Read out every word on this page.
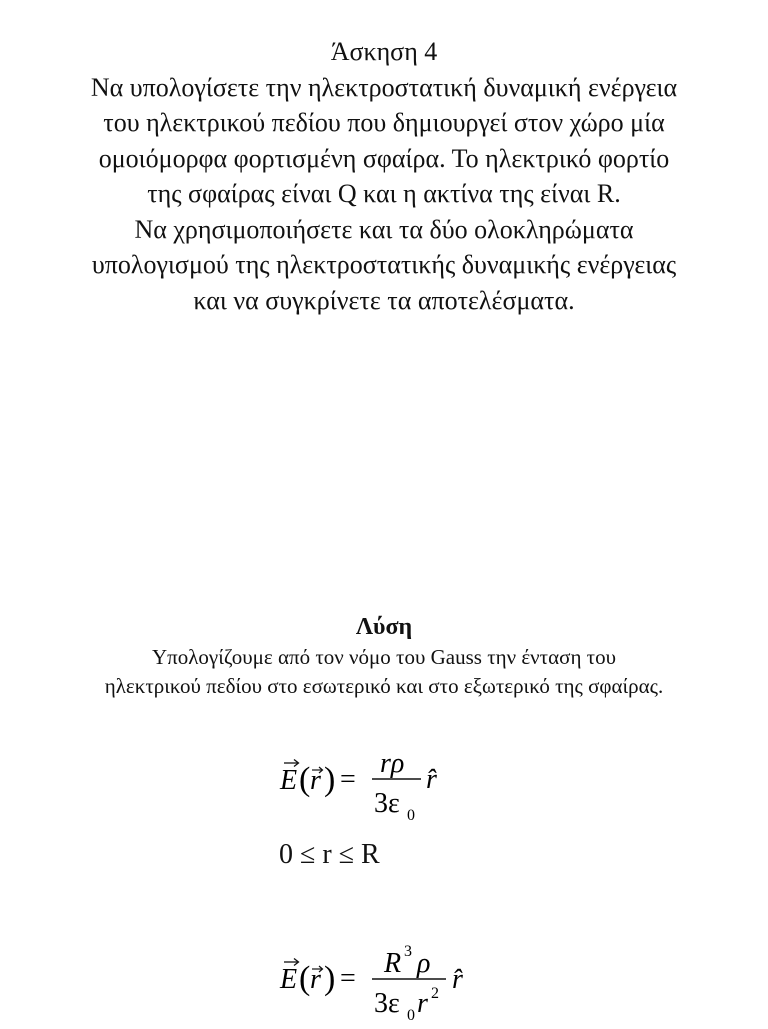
Άσκηση 4
Να υπολογίσετε την ηλεκτροστατική δυναμική ενέργεια
του ηλεκτρικού πεδίου που δημιουργεί στον χώρο μία
ομοιόμορφα φορτισμένη σφαίρα. Το ηλεκτρικό φορτίο
της σφαίρας είναι Q και η ακτίνα της είναι R.
Να χρησιμοποιήσετε και τα δύο ολοκληρώματα
υπολογισμού της ηλεκτροστατικής δυναμικής ενέργειας
και να συγκρίνετε τα αποτελέσματα.
Λύση
Υπολογίζουμε από τον νόμο του Gauss την ένταση του
ηλεκτρικού πεδίου στο εσωτερικό και στο εξωτερικό της σφαίρας.
E ( r ) =
rρ
3ε 0
r̂
0 ≤ r ≤ R
E ( r ) = R 3 ρ
3ε 0 r 2 r̂
